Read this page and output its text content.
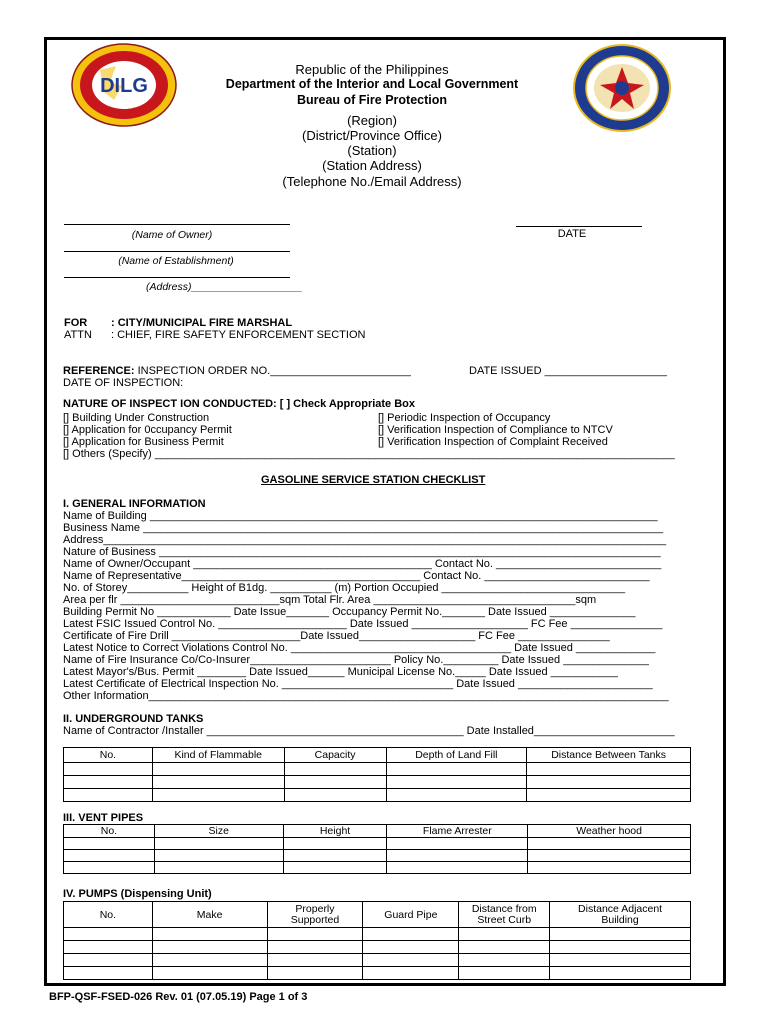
DILG
Republic of the Philippines
Department of the Interior and Local Government
Bureau of Fire Protection
(Region)
(District/Province Office)
(Station)
(Station Address)
(Telephone No./Email Address)
(Name of Owner)	DATE
(Name of Establishment)
(Address)___________________
FOR : CITY/MUNICIPAL FIRE MARSHAL
ATTN : CHIEF, FIRE SAFETY ENFORCEMENT SECTION
REFERENCE: INSPECTION ORDER NO._______________________	DATE ISSUED ____________________
DATE OF INSPECTION:
NATURE OF INSPECT ION CONDUCTED: [ ] Check Appropriate Box
[] Building Under Construction
[] Application for 0ccupancy Permit
[] Application for Business Permit
[] Periodic Inspection of Occupancy
[] Verification Inspection of Compliance to NTCV
[] Verification Inspection of Complaint Received
[] Others (Specify) _____________________________________________________________________________________
GASOLINE SERVICE STATION CHECKLIST
I. GENERAL INFORMATION
Name of Building ___________________________________________________________________________________
Business Name _____________________________________________________________________________________
Address____________________________________________________________________________________________
Nature of Business __________________________________________________________________________________
Name of Owner/Occupant _______________________________________ Contact No. ___________________________
Name of Representative_______________________________________ Contact No. ___________________________
No. of Storey__________ Height of B1dg. __________ (m) Portion Occupied ______________________________
Area per flr __________________________sqm Total Flr. Area _________________________________sqm
Building Permit No ____________ Date Issue_______ Occupancy Permit No._______ Date Issued ______________
Latest FSIC Issued Control No. _____________________ Date Issued ___________________ FC Fee _______________
Certificate of Fire Drill _____________________Date Issued___________________ FC Fee _______________
Latest Notice to Correct Violations Control No. ____________________________________ Date Issued _____________
Name of Fire Insurance Co/Co-Insurer_______________________ Policy No._________ Date Issued ______________
Latest Mayor's/Bus. Permit ________ Date Issued______ Municipal License No._____ Date Issued ___________
Latest Certificate of Electrical Inspection No. ____________________________ Date Issued ______________________
Other Information_____________________________________________________________________________________
II. UNDERGROUND TANKS
Name of Contractor /Installer __________________________________________ Date Installed_______________________
No.	Kind of Flammable	Capacity	Depth of Land Fill	Distance Between Tanks

III. VENT PIPES
No.	Size	Height	Flame Arrester	Weather hood

IV. PUMPS (Dispensing Unit)
No.	Make	Properly Supported	Guard Pipe	Distance from Street Curb	Distance Adjacent Building

BFP-QSF-FSED-026 Rev. 01 (07.05.19) Page 1 of 3
